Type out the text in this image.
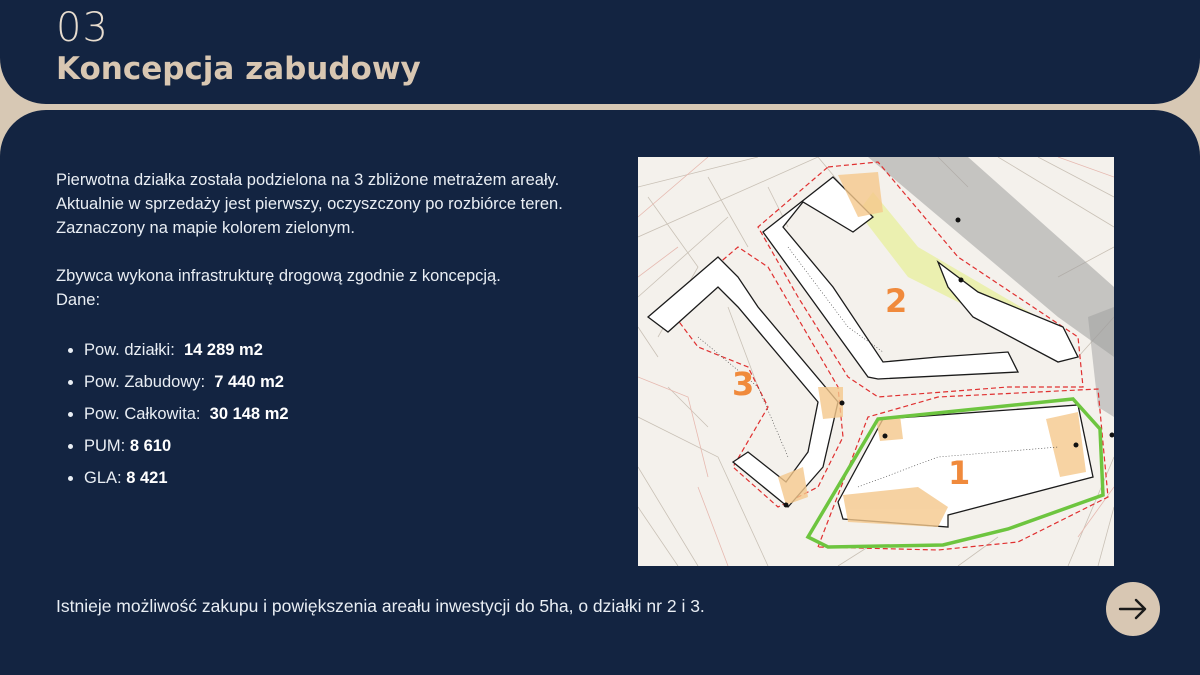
03
Koncepcja zabudowy

Pierwotna działka została podzielona na 3 zbliżone metrażem areały.

Aktualnie w sprzedaży jest pierwszy, oczyszczony po rozbiórce teren. Zaznaczony na mapie kolorem zielonym.

Zbywca wykona infrastrukturę drogową zgodnie z koncepcją.

Dane:

Pow. działki: 14 289 m2
Pow. Zabudowy: 7 440 m2
Pow. Całkowita: 30 148 m2
PUM: 8 610
GLA: 8 421
2
3
1
Istnieje możliwość zakupu i powiększenia areału inwestycji do 5ha, o działki nr 2 i 3.
